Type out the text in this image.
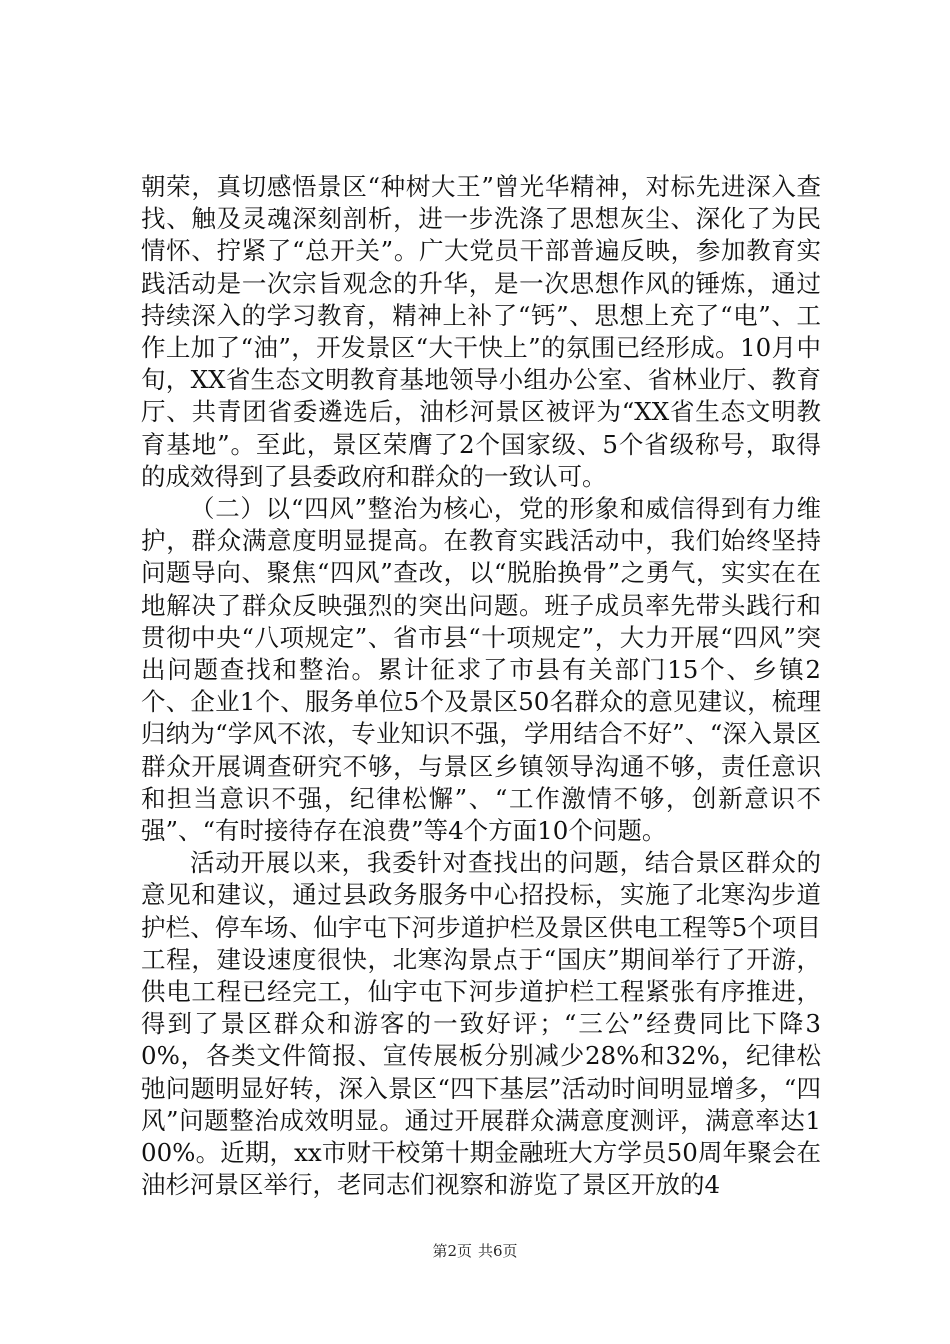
朝荣，真切感悟景区“种树大王”曾光华精神，对标先进深入查找、触及灵魂深刻剖析，进一步洗涤了思想灰尘、深化了为民情怀、拧紧了“总开关”。广大党员干部普遍反映，参加教育实践活动是一次宗旨观念的升华，是一次思想作风的锤炼，通过持续深入的学习教育，精神上补了“钙”、思想上充了“电”、工作上加了“油”，开发景区“大干快上”的氛围已经形成。10月中旬，XX省生态文明教育基地领导小组办公室、省林业厅、教育厅、共青团省委遴选后，油杉河景区被评为“XX省生态文明教育基地”。至此，景区荣膺了2个国家级、5个省级称号，取得的成效得到了县委政府和群众的一致认可。

（二）以“四风”整治为核心，党的形象和威信得到有力维护，群众满意度明显提高。在教育实践活动中，我们始终坚持问题导向、聚焦“四风”查改，以“脱胎换骨”之勇气，实实在在地解决了群众反映强烈的突出问题。班子成员率先带头践行和贯彻中央“八项规定”、省市县“十项规定”，大力开展“四风”突出问题查找和整治。累计征求了市县有关部门15个、乡镇2个、企业1个、服务单位5个及景区50名群众的意见建议，梳理归纳为“学风不浓，专业知识不强，学用结合不好”、“深入景区群众开展调查研究不够，与景区乡镇领导沟通不够，责任意识和担当意识不强，纪律松懈”、“工作激情不够，创新意识不强”、“有时接待存在浪费”等4个方面10个问题。

活动开展以来，我委针对查找出的问题，结合景区群众的意见和建议，通过县政务服务中心招投标，实施了北寒沟步道护栏、停车场、仙宇屯下河步道护栏及景区供电工程等5个项目工程，建设速度很快，北寒沟景点于“国庆”期间举行了开游，供电工程已经完工，仙宇屯下河步道护栏工程紧张有序推进，得到了景区群众和游客的一致好评；“三公”经费同比下降30%，各类文件简报、宣传展板分别减少28%和32%，纪律松弛问题明显好转，深入景区“四下基层”活动时间明显增多，“四风”问题整治成效明显。通过开展群众满意度测评，满意率达100%。近期，xx市财干校第十期金融班大方学员50周年聚会在油杉河景区举行，老同志们视察和游览了景区开放的4

第2页 共6页
